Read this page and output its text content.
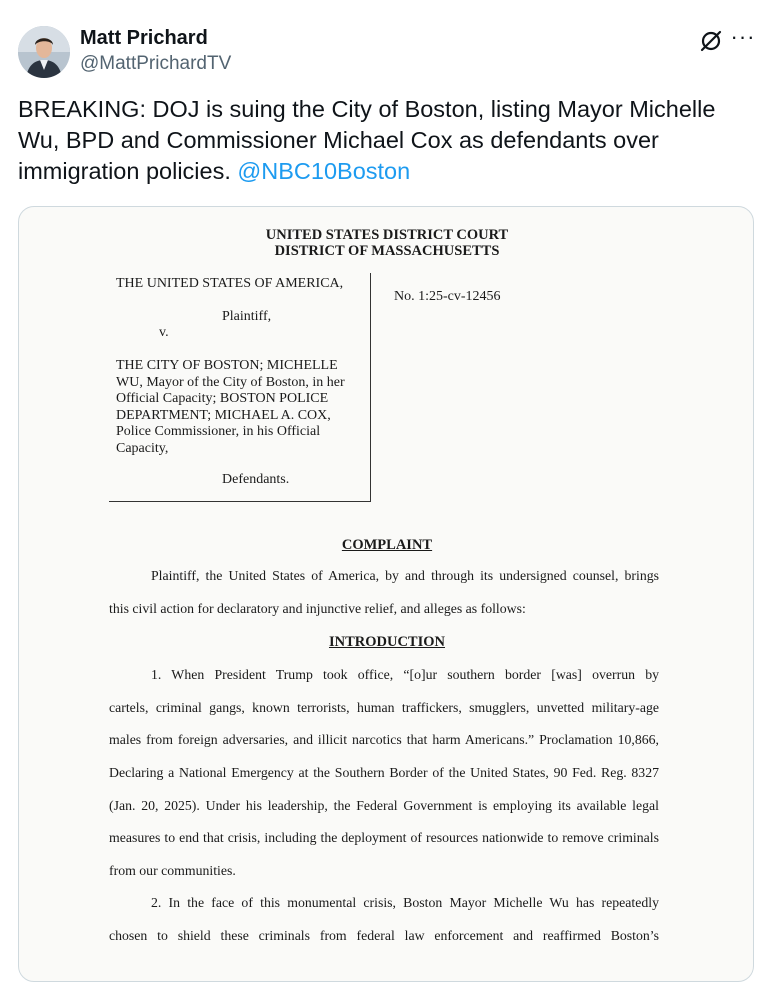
Matt Prichard
@MattPrichardTV
···
BREAKING: DOJ is suing the City of Boston, listing Mayor Michelle Wu, BPD and Commissioner Michael Cox as defendants over immigration policies. @NBC10Boston
UNITED STATES DISTRICT COURT
DISTRICT OF MASSACHUSETTS
THE UNITED STATES OF AMERICA,
Plaintiff,
v.
THE CITY OF BOSTON; MICHELLE
WU, Mayor of the City of Boston, in her
Official Capacity; BOSTON POLICE
DEPARTMENT; MICHAEL A. COX,
Police Commissioner, in his Official
Capacity,
Defendants.
No. 1:25-cv-12456
COMPLAINT
Plaintiff, the United States of America, by and through its undersigned counsel, brings
this civil action for declaratory and injunctive relief, and alleges as follows:
INTRODUCTION
1. When President Trump took office, “[o]ur southern border [was] overrun by
cartels, criminal gangs, known terrorists, human traffickers, smugglers, unvetted military-age
males from foreign adversaries, and illicit narcotics that harm Americans.” Proclamation 10,866,
Declaring a National Emergency at the Southern Border of the United States, 90 Fed. Reg. 8327
(Jan. 20, 2025). Under his leadership, the Federal Government is employing its available legal
measures to end that crisis, including the deployment of resources nationwide to remove criminals
from our communities.
2. In the face of this monumental crisis, Boston Mayor Michelle Wu has repeatedly
chosen to shield these criminals from federal law enforcement and reaffirmed Boston’s
